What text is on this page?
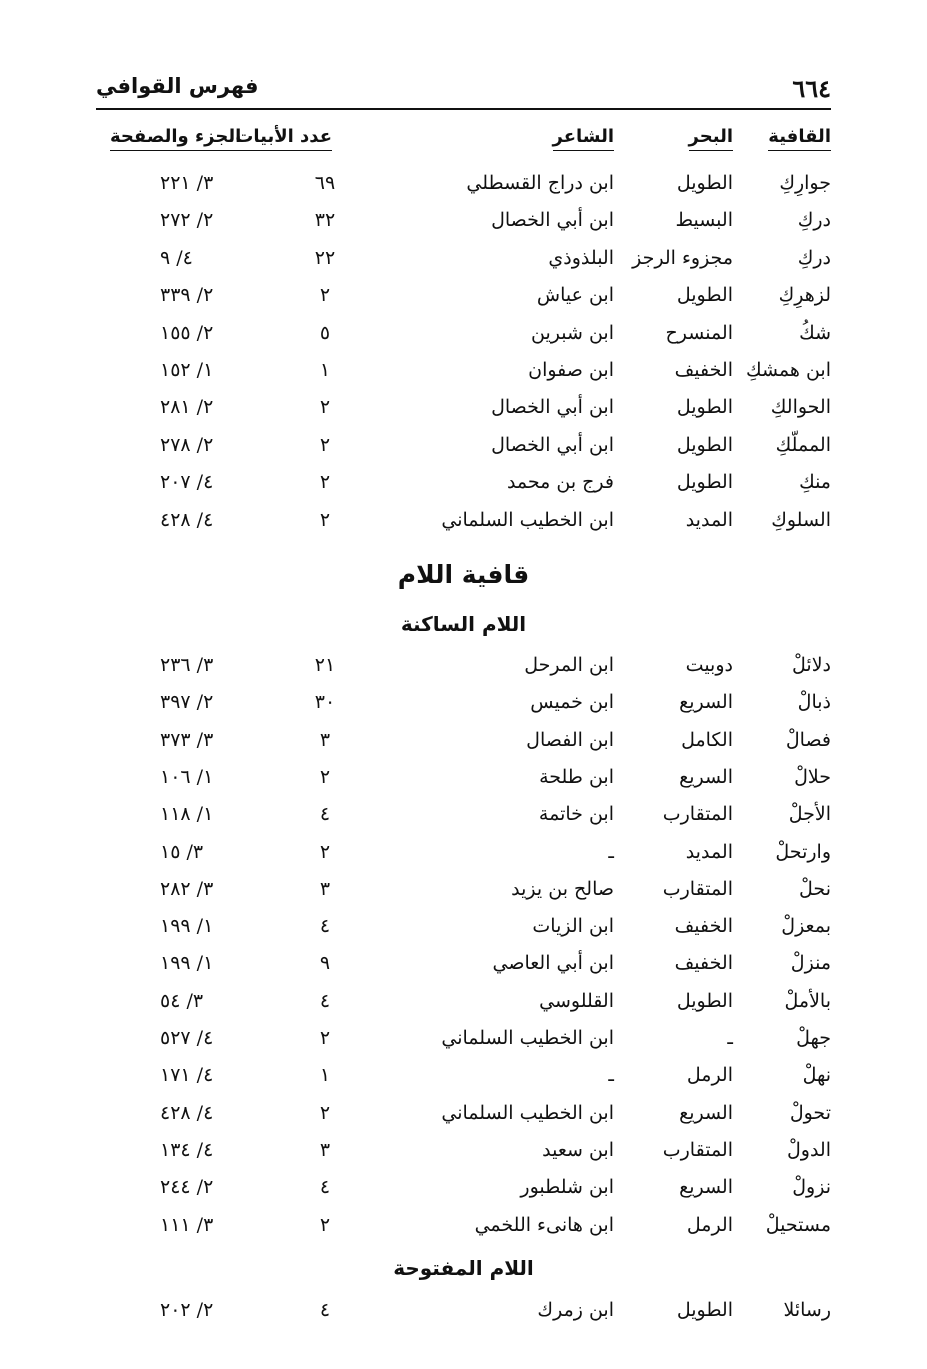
٦٦٤
فهرس القوافي
القافية
البحر
الشاعر
عدد الأبيات
الجزء والصفحة
جوارِكِ
الطويل
ابن دراج القسطلي
٦٩
٣/ ٢٢١
دركِ
البسيط
ابن أبي الخصال
٣٢
٢/ ٢٧٢
دركِ
مجزوء الرجز
البلذوذي
٢٢
٤/ ٩
لزهرِكِ
الطويل
ابن عياش
٢
٢/ ٣٣٩
شكُ
المنسرح
ابن شبرين
٥
٢/ ١٥٥
ابن همشكِ
الخفيف
ابن صفوان
١
١/ ١٥٢
الحوالكِ
الطويل
ابن أبي الخصال
٢
٢/ ٢٨١
المملّكِ
الطويل
ابن أبي الخصال
٢
٢/ ٢٧٨
منكِ
الطويل
فرج بن محمد
٢
٤/ ٢٠٧
السلوكِ
المديد
ابن الخطيب السلماني
٢
٤/ ٤٢٨
قافية اللام
اللام الساكنة
دلائلْ
دوبيت
ابن المرحل
٢١
٣/ ٢٣٦
ذبالْ
السريع
ابن خميس
٣٠
٢/ ٣٩٧
فصالْ
الكامل
ابن الفصال
٣
٣/ ٣٧٣
حلالْ
السريع
ابن طلحة
٢
١/ ١٠٦
الأجلْ
المتقارب
ابن خاتمة
٤
١/ ١١٨
وارتحلْ
المديد
ـ
٢
٣/ ١٥
نحلْ
المتقارب
صالح بن يزيد
٣
٣/ ٢٨٢
بمعزلْ
الخفيف
ابن الزيات
٤
١/ ١٩٩
منزلْ
الخفيف
ابن أبي العاصي
٩
١/ ١٩٩
بالأملْ
الطويل
القللوسي
٤
٣/ ٥٤
جهلْ
ـ
ابن الخطيب السلماني
٢
٤/ ٥٢٧
نهلْ
الرمل
ـ
١
٤/ ١٧١
تحولْ
السريع
ابن الخطيب السلماني
٢
٤/ ٤٢٨
الدولْ
المتقارب
ابن سعيد
٣
٤/ ١٣٤
نزولْ
السريع
ابن شلطبور
٤
٢/ ٢٤٤
مستحيلْ
الرمل
ابن هانىء اللخمي
٢
٣/ ١١١
اللام المفتوحة
رسائلا
الطويل
ابن زمرك
٤
٢/ ٢٠٢
